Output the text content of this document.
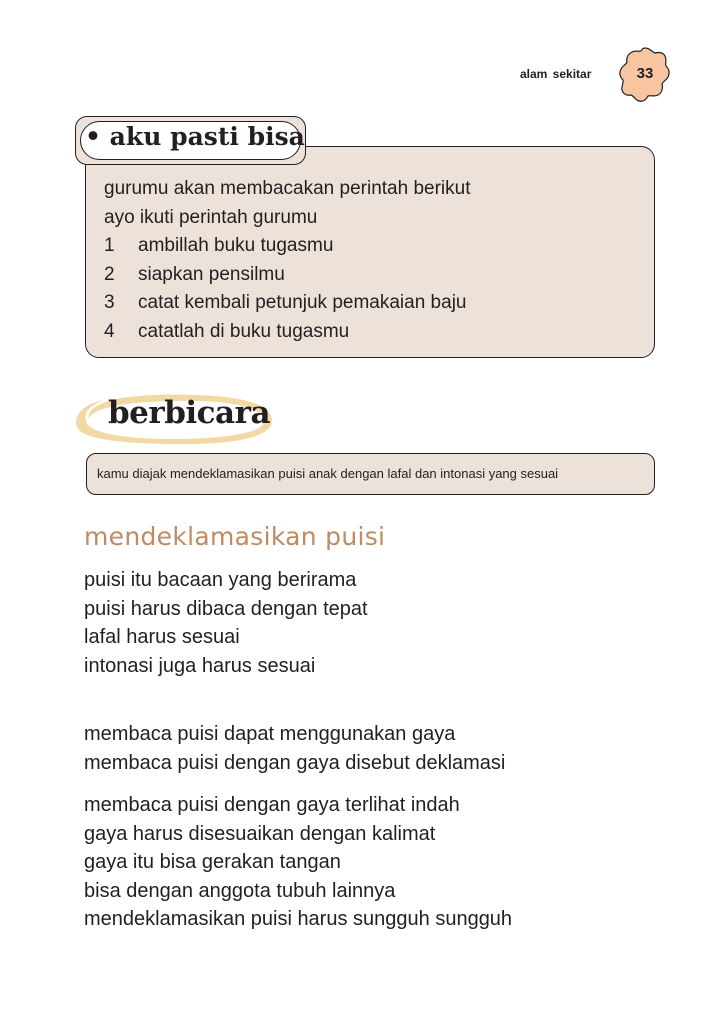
alam sekitar	33
• aku pasti bisa
gurumu akan membacakan perintah berikut
ayo ikuti perintah gurumu
1	ambillah buku tugasmu
2	siapkan pensilmu
3	catat kembali petunjuk pemakaian baju
4	catatlah di buku tugasmu
berbicara
kamu diajak mendeklamasikan puisi anak dengan lafal dan intonasi yang sesuai
mendeklamasikan puisi
puisi itu bacaan yang berirama
puisi harus dibaca dengan tepat
lafal harus sesuai
intonasi juga harus sesuai
membaca puisi dapat menggunakan gaya
membaca puisi dengan gaya disebut deklamasi
membaca puisi dengan gaya terlihat indah
gaya harus disesuaikan dengan kalimat
gaya itu bisa gerakan tangan
bisa dengan anggota tubuh lainnya
mendeklamasikan puisi harus sungguh sungguh
